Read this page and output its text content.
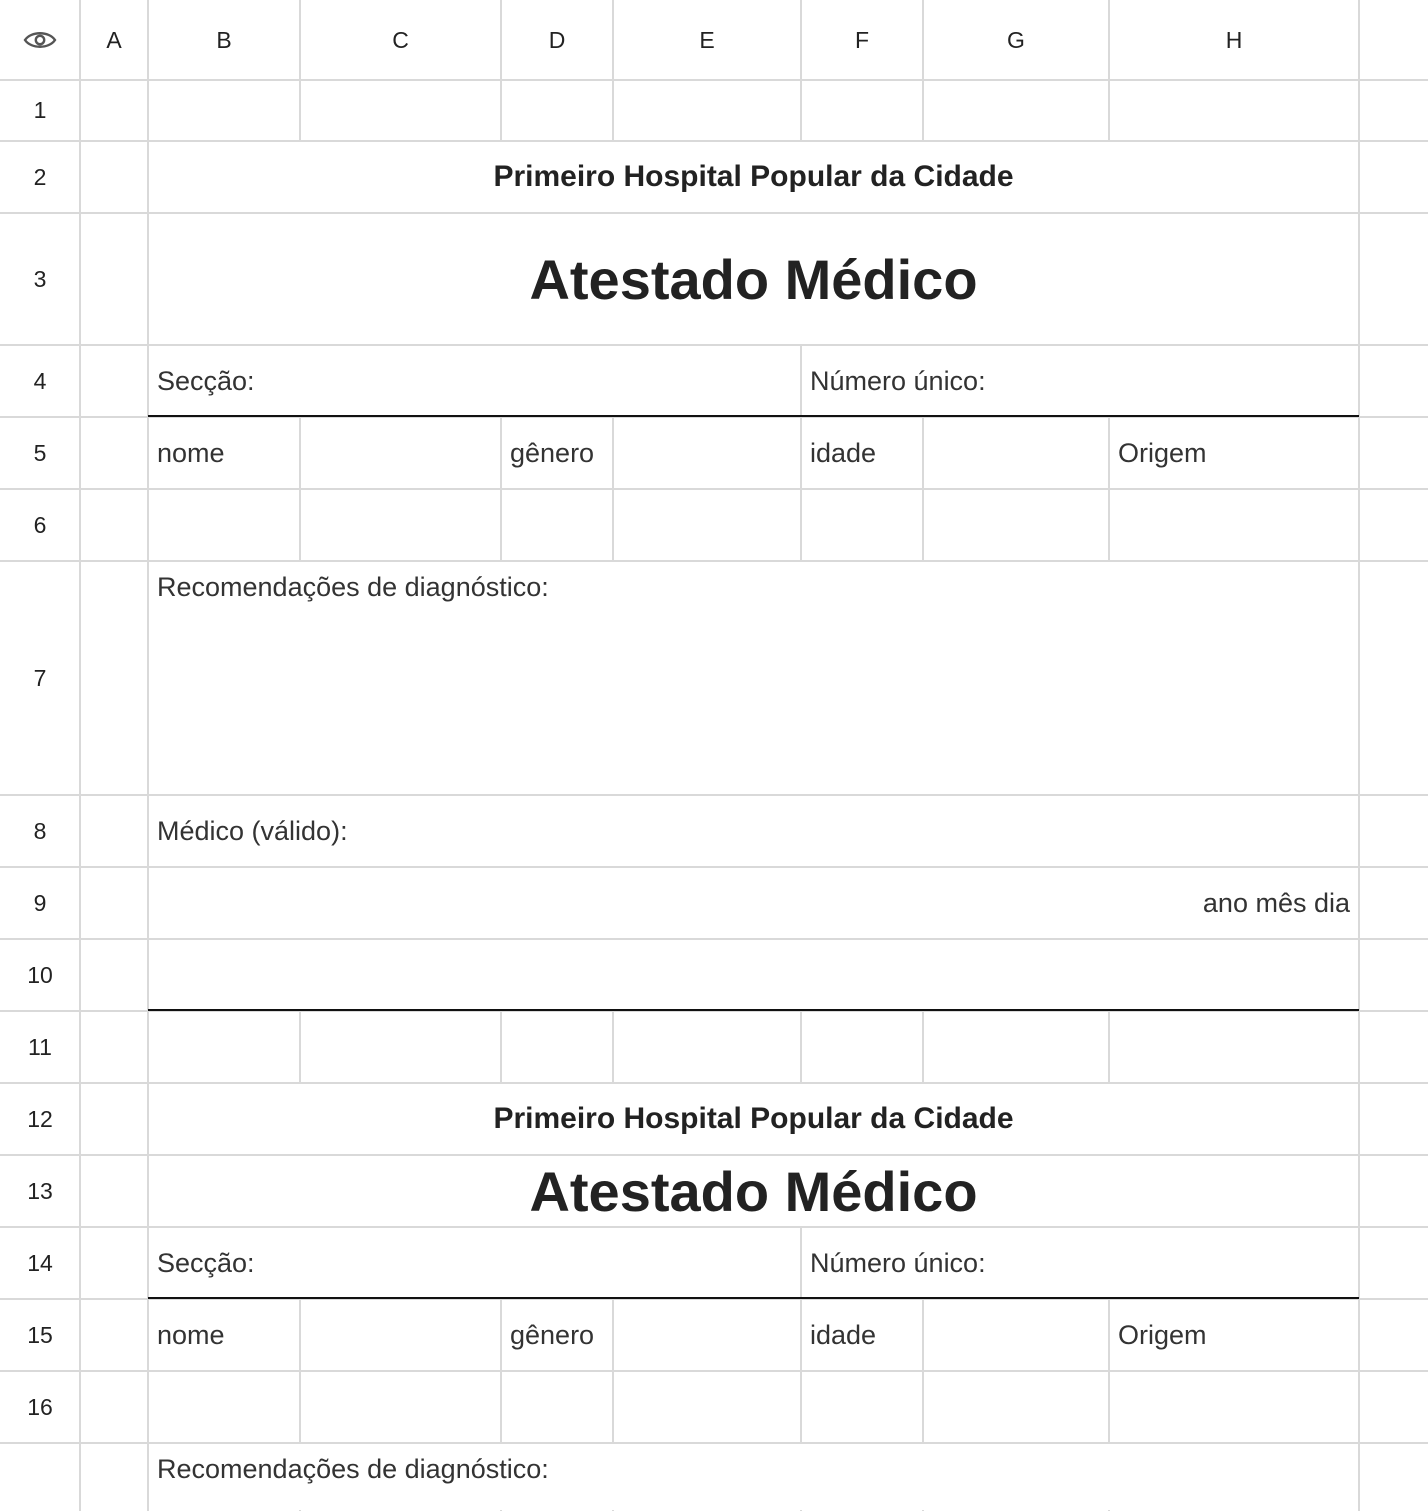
A	B	C	D	E	F	G	H
1
2
3
4
5
6
7
8
9
10
11
12
13
14
15
16
Primeiro Hospital Popular da Cidade
Atestado Médico
Secção:	Número único:
nome	gênero	idade	Origem
Recomendações de diagnóstico:
Médico (válido):
ano mês dia
Primeiro Hospital Popular da Cidade
Atestado Médico
Secção:	Número único:
nome	gênero	idade	Origem
Recomendações de diagnóstico:
